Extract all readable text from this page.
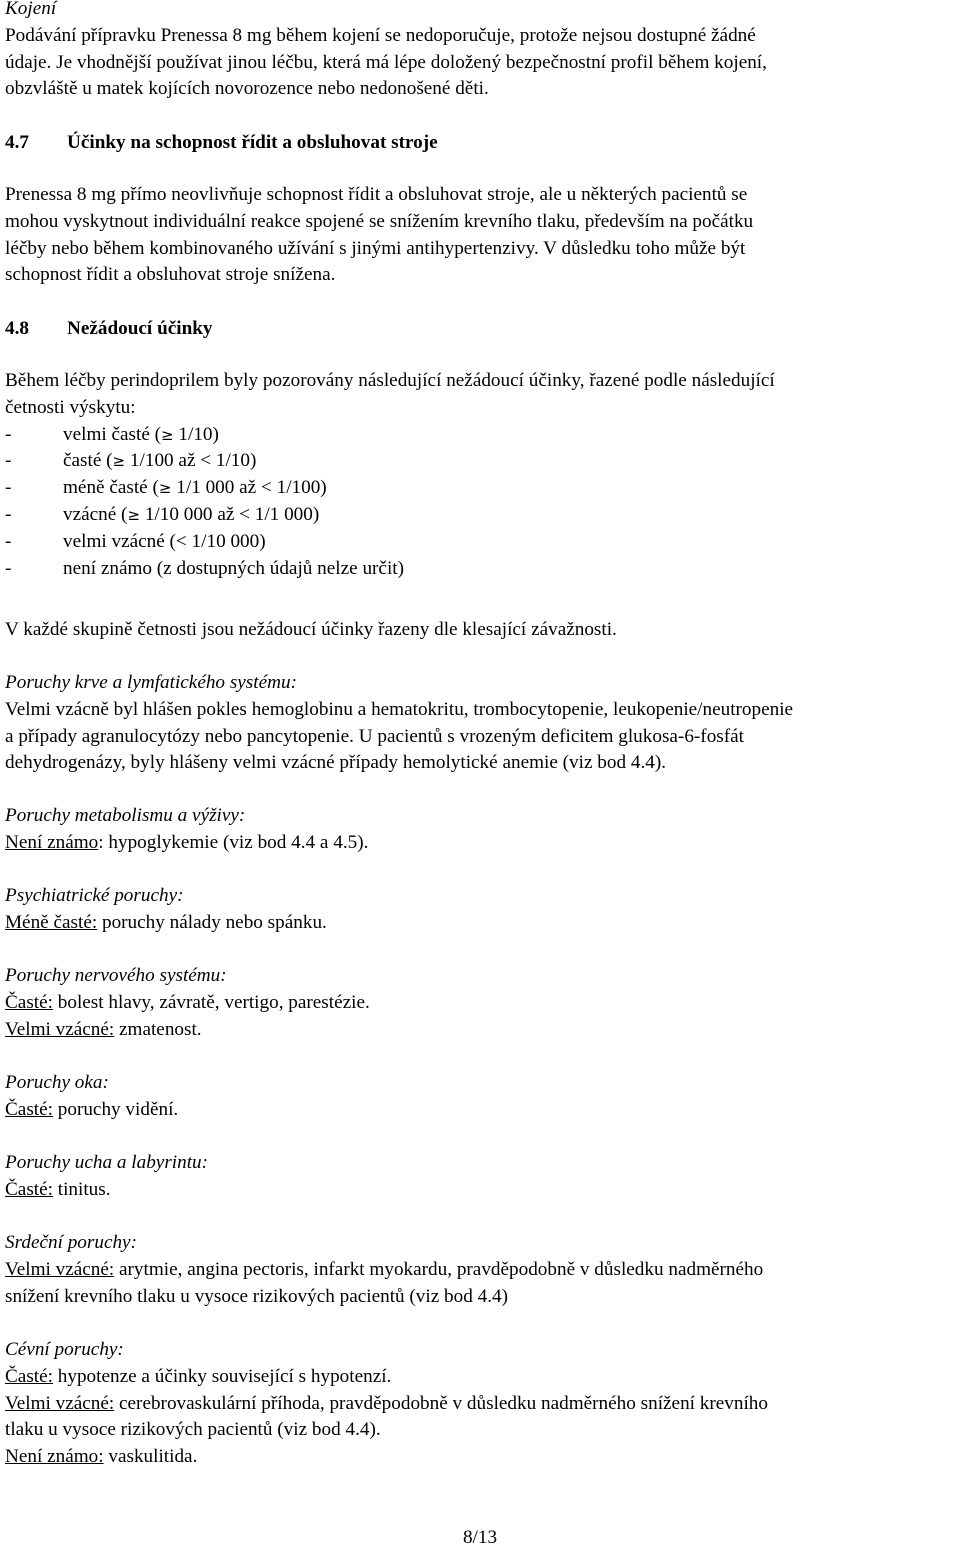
Kojení

Podávání přípravku Prenessa 8 mg během kojení se nedoporučuje, protože nejsou dostupné žádné

údaje. Je vhodnější používat jinou léčbu, která má lépe doložený bezpečnostní profil během kojení,

obzvláště u matek kojících novorozence nebo nedonošené děti.

4.7 Účinky na schopnost řídit a obsluhovat stroje

Prenessa 8 mg přímo neovlivňuje schopnost řídit a obsluhovat stroje, ale u některých pacientů se

mohou vyskytnout individuální reakce spojené se snížením krevního tlaku, především na počátku

léčby nebo během kombinovaného užívání s jinými antihypertenzivy. V důsledku toho může být

schopnost řídit a obsluhovat stroje snížena.

4.8 Nežádoucí účinky

Během léčby perindoprilem byly pozorovány následující nežádoucí účinky, řazené podle následující

četnosti výskytu:

-	velmi časté (≥ 1/10)

-	časté (≥ 1/100 až < 1/10)

-	méně časté (≥ 1/1 000 až < 1/100)

-	vzácné (≥ 1/10 000 až < 1/1 000)

-	velmi vzácné (< 1/10 000)

-	není známo (z dostupných údajů nelze určit)

V každé skupině četnosti jsou nežádoucí účinky řazeny dle klesající závažnosti.

Poruchy krve a lymfatického systému:

Velmi vzácně byl hlášen pokles hemoglobinu a hematokritu, trombocytopenie, leukopenie/neutropenie

a případy agranulocytózy nebo pancytopenie. U pacientů s vrozeným deficitem glukosa-6-fosfát

dehydrogenázy, byly hlášeny velmi vzácné případy hemolytické anemie (viz bod 4.4).

Poruchy metabolismu a výživy:

Není známo: hypoglykemie (viz bod 4.4 a 4.5).

Psychiatrické poruchy:

Méně časté: poruchy nálady nebo spánku.

Poruchy nervového systému:

Časté: bolest hlavy, závratě, vertigo, parestézie.

Velmi vzácné: zmatenost.

Poruchy oka:

Časté: poruchy vidění.

Poruchy ucha a labyrintu:

Časté: tinitus.

Srdeční poruchy:

Velmi vzácné: arytmie, angina pectoris, infarkt myokardu, pravděpodobně v důsledku nadměrného

snížení krevního tlaku u vysoce rizikových pacientů (viz bod 4.4)

Cévní poruchy:

Časté: hypotenze a účinky související s hypotenzí.

Velmi vzácné: cerebrovaskulární příhoda, pravděpodobně v důsledku nadměrného snížení krevního

tlaku u vysoce rizikových pacientů (viz bod 4.4).

Není známo: vaskulitida.

8/13
